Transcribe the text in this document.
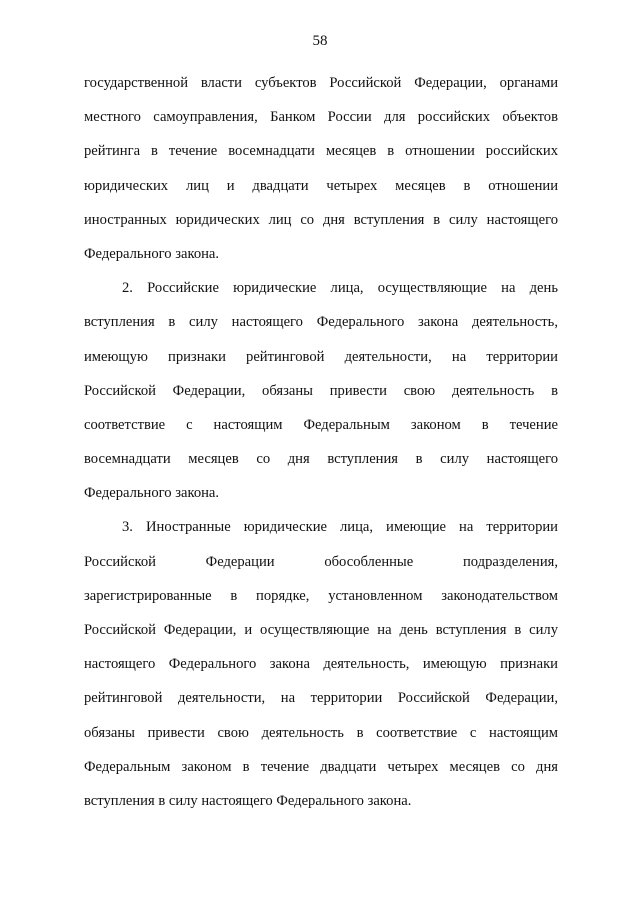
58
государственной власти субъектов Российской Федерации, органами
местного самоуправления, Банком России для российских объектов
рейтинга в течение восемнадцати месяцев в отношении российских
юридических лиц и двадцати четырех месяцев в отношении
иностранных юридических лиц со дня вступления в силу настоящего
Федерального закона.
2. Российские юридические лица, осуществляющие на день
вступления в силу настоящего Федерального закона деятельность,
имеющую признаки рейтинговой деятельности, на территории
Российской Федерации, обязаны привести свою деятельность в
соответствие с настоящим Федеральным законом в течение
восемнадцати месяцев со дня вступления в силу настоящего
Федерального закона.
3. Иностранные юридические лица, имеющие на территории
Российской Федерации обособленные подразделения,
зарегистрированные в порядке, установленном законодательством
Российской Федерации, и осуществляющие на день вступления в силу
настоящего Федерального закона деятельность, имеющую признаки
рейтинговой деятельности, на территории Российской Федерации,
обязаны привести свою деятельность в соответствие с настоящим
Федеральным законом в течение двадцати четырех месяцев со дня
вступления в силу настоящего Федерального закона.
